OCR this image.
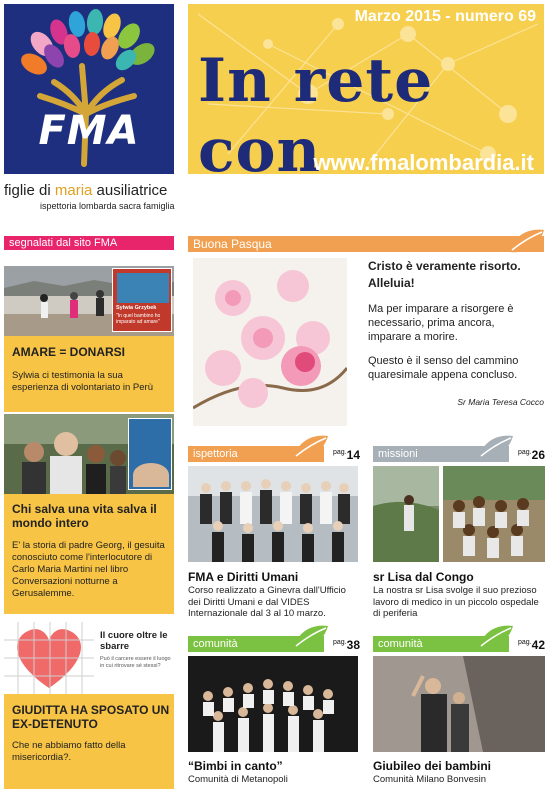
FMA
figlie di maria ausiliatrice
ispettoria lombarda sacra famiglia
Marzo 2015 - numero 69
In rete con
www.fmalombardia.it
segnalati dal sito FMA
Sylwia Grzybek
"In quel bambino ho imparato ad amare"
AMARE = DONARSI
Sylwia ci testimonia la sua esperienza di volontariato in Perù
Chi salva una vita salva il mondo intero
E' la storia di padre Georg, il gesuita conosciuto come l'interlocutore di Carlo Maria Martini nel libro Conversazioni notturne a Gerusalemme.
Il cuore oltre le sbarre
Può il carcere essere il luogo in cui ritrovare sé stessi?
GIUDITTA HA SPOSATO UN EX-DETENUTO
Che ne abbiamo fatto della misericordia?.
Buona Pasqua
Cristo è veramente risorto. Alleluia!
Ma per imparare a risorgere è necessario, prima ancora, imparare a morire.
Questo è il senso del cammino quaresimale appena concluso.
Sr Maria Teresa Cocco
ispettoria	$^{pag.}$14
FMA e Diritti Umani
Corso realizzato a Ginevra dall'Ufficio dei Diritti Umani e dal VIDES Internazionale dal 3 al 10 marzo.
missioni	$^{pag.}$26
sr Lisa dal Congo
La nostra sr Lisa svolge il suo prezioso lavoro di medico in un piccolo ospedale di periferia
comunità	$^{pag.}$38
“Bimbi in canto”
Comunità di Metanopoli
comunità	$^{pag.}$42
Giubileo dei bambini
Comunità Milano Bonvesin
